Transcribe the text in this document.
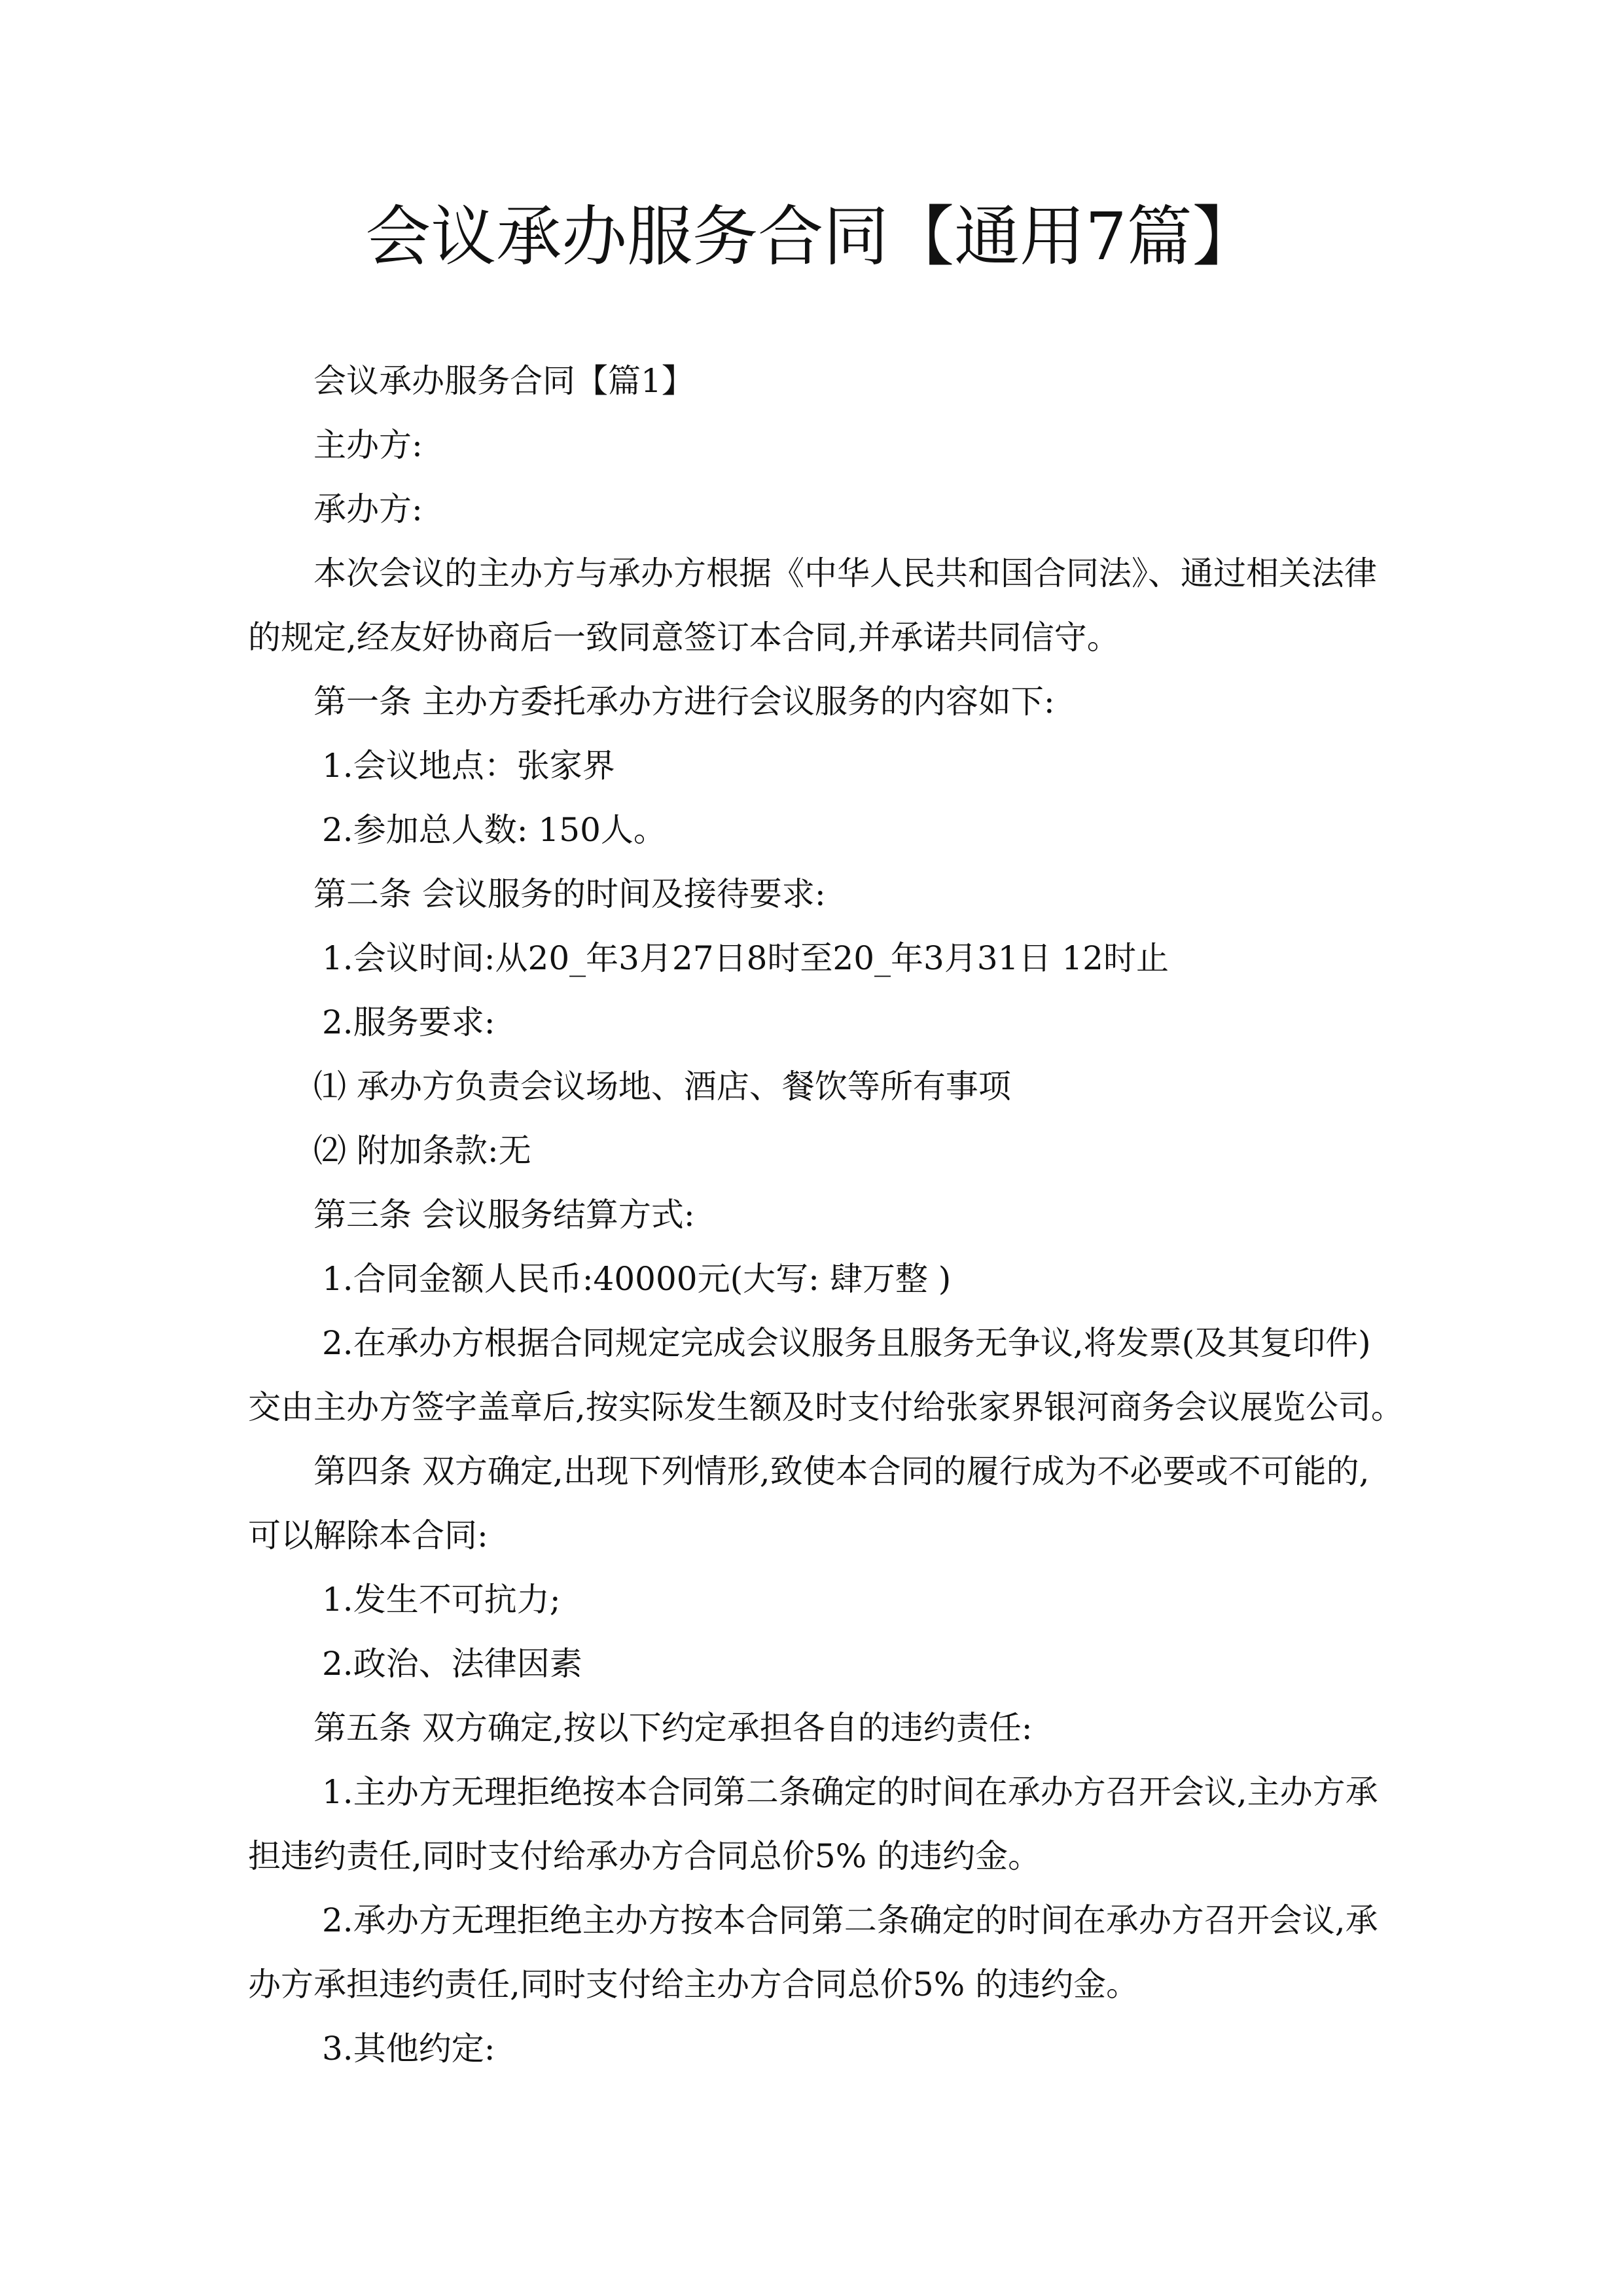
会议承办服务合同【通用7篇】
会议承办服务合同【篇1】
主办方:
承办方:
本次会议的主办方与承办方根据《中华人民共和国合同法》、通过相关法律
的规定,经友好协商后一致同意签订本合同,并承诺共同信守。
第一条 主办方委托承办方进行会议服务的内容如下:
1.会议地点：张家界
2.参加总人数: 150人。
第二条 会议服务的时间及接待要求:
1.会议时间:从20_年3月27日8时至20_年3月31日 12时止
2.服务要求:
⑴ 承办方负责会议场地、酒店、餐饮等所有事项
⑵ 附加条款:无
第三条 会议服务结算方式:
1.合同金额人民币:40000元(大写: 肆万整 )
2.在承办方根据合同规定完成会议服务且服务无争议,将发票(及其复印件)
交由主办方签字盖章后,按实际发生额及时支付给张家界银河商务会议展览公司。
第四条 双方确定,出现下列情形,致使本合同的履行成为不必要或不可能的,
可以解除本合同:
1.发生不可抗力;
2.政治、法律因素
第五条 双方确定,按以下约定承担各自的违约责任:
1.主办方无理拒绝按本合同第二条确定的时间在承办方召开会议,主办方承
担违约责任,同时支付给承办方合同总价5% 的违约金。
2.承办方无理拒绝主办方按本合同第二条确定的时间在承办方召开会议,承
办方承担违约责任,同时支付给主办方合同总价5% 的违约金。
3.其他约定:
